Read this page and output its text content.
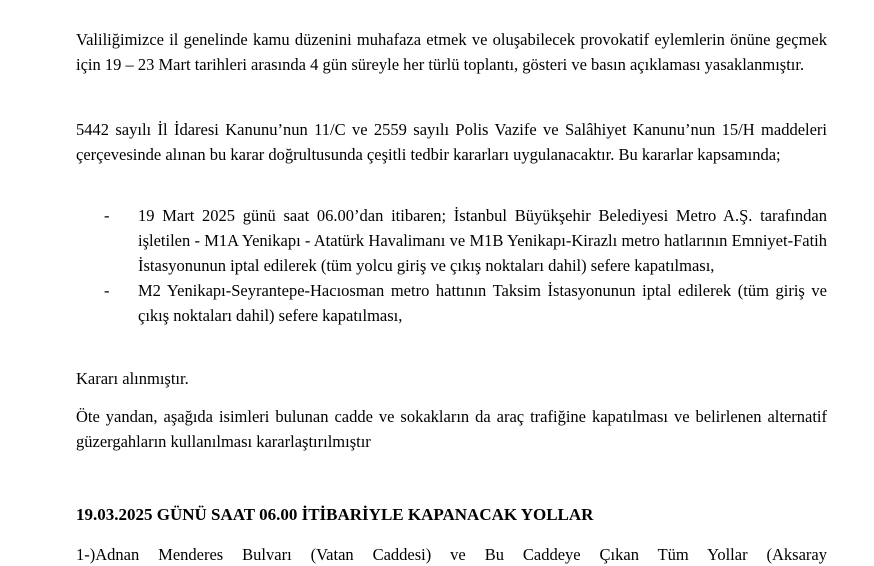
Valiliğimizce il genelinde kamu düzenini muhafaza etmek ve oluşabilecek provokatif eylemlerin önüne geçmek için 19 – 23 Mart tarihleri arasında 4 gün süreyle her türlü toplantı, gösteri ve basın açıklaması yasaklanmıştır.

5442 sayılı İl İdaresi Kanunu’nun 11/C ve 2559 sayılı Polis Vazife ve Salâhiyet Kanunu’nun 15/H maddeleri çerçevesinde alınan bu karar doğrultusunda çeşitli tedbir kararları uygulanacaktır. Bu kararlar kapsamında;

- 19 Mart 2025 günü saat 06.00’dan itibaren; İstanbul Büyükşehir Belediyesi Metro A.Ş. tarafından işletilen - M1A Yenikapı - Atatürk Havalimanı ve M1B Yenikapı-Kirazlı metro hatlarının Emniyet-Fatih İstasyonunun iptal edilerek (tüm yolcu giriş ve çıkış noktaları dahil) sefere kapatılması,
- M2 Yenikapı-Seyrantepe-Hacıosman metro hattının Taksim İstasyonunun iptal edilerek (tüm giriş ve çıkış noktaları dahil) sefere kapatılması,

Kararı alınmıştır.

Öte yandan, aşağıda isimleri bulunan cadde ve sokakların da araç trafiğine kapatılması ve belirlenen alternatif güzergahların kullanılması kararlaştırılmıştır

19.03.2025 GÜNÜ SAAT 06.00 İTİBARİYLE KAPANACAK YOLLAR

1-)Adnan Menderes Bulvarı (Vatan Caddesi) ve Bu Caddeye Çıkan Tüm Yollar (Aksaray
